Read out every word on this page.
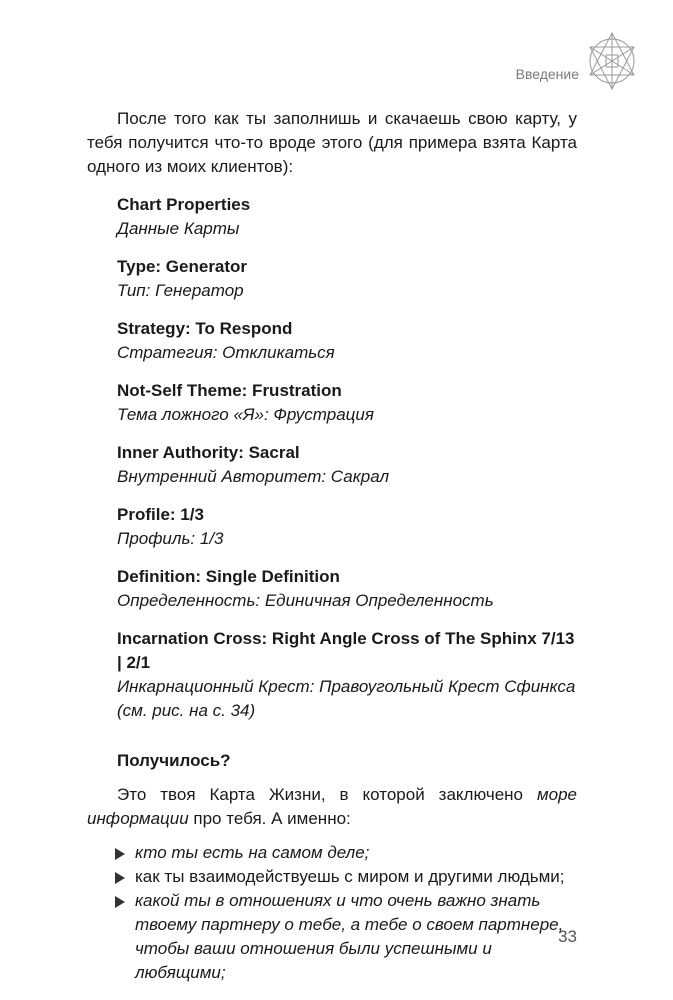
Введение

После того как ты заполнишь и скачаешь свою карту, у тебя получится что-то вроде этого (для примера взята Карта одного из моих клиентов):

Chart Properties
Данные Карты
Type: Generator
Тип: Генератор
Strategy: To Respond
Стратегия: Откликаться
Not-Self Theme: Frustration
Тема ложного «Я»: Фрустрация
Inner Authority: Sacral
Внутренний Авторитет: Сакрал
Profile: 1/3
Профиль: 1/3
Definition: Single Definition
Определенность: Единичная Определенность
Incarnation Cross: Right Angle Cross of The Sphinx 7/13 | 2/1
Инкарнационный Крест: Правоугольный Крест Сфинкса (см. рис. на с. 34)

Получилось?

Это твоя Карта Жизни, в которой заключено море информации про тебя. А именно:

кто ты есть на самом деле;
как ты взаимодействуешь с миром и другими людьми;
какой ты в отношениях и что очень важно знать твоему партнеру о тебе, а тебе о своем партнере, чтобы ваши отношения были успешными и любящими;
33
